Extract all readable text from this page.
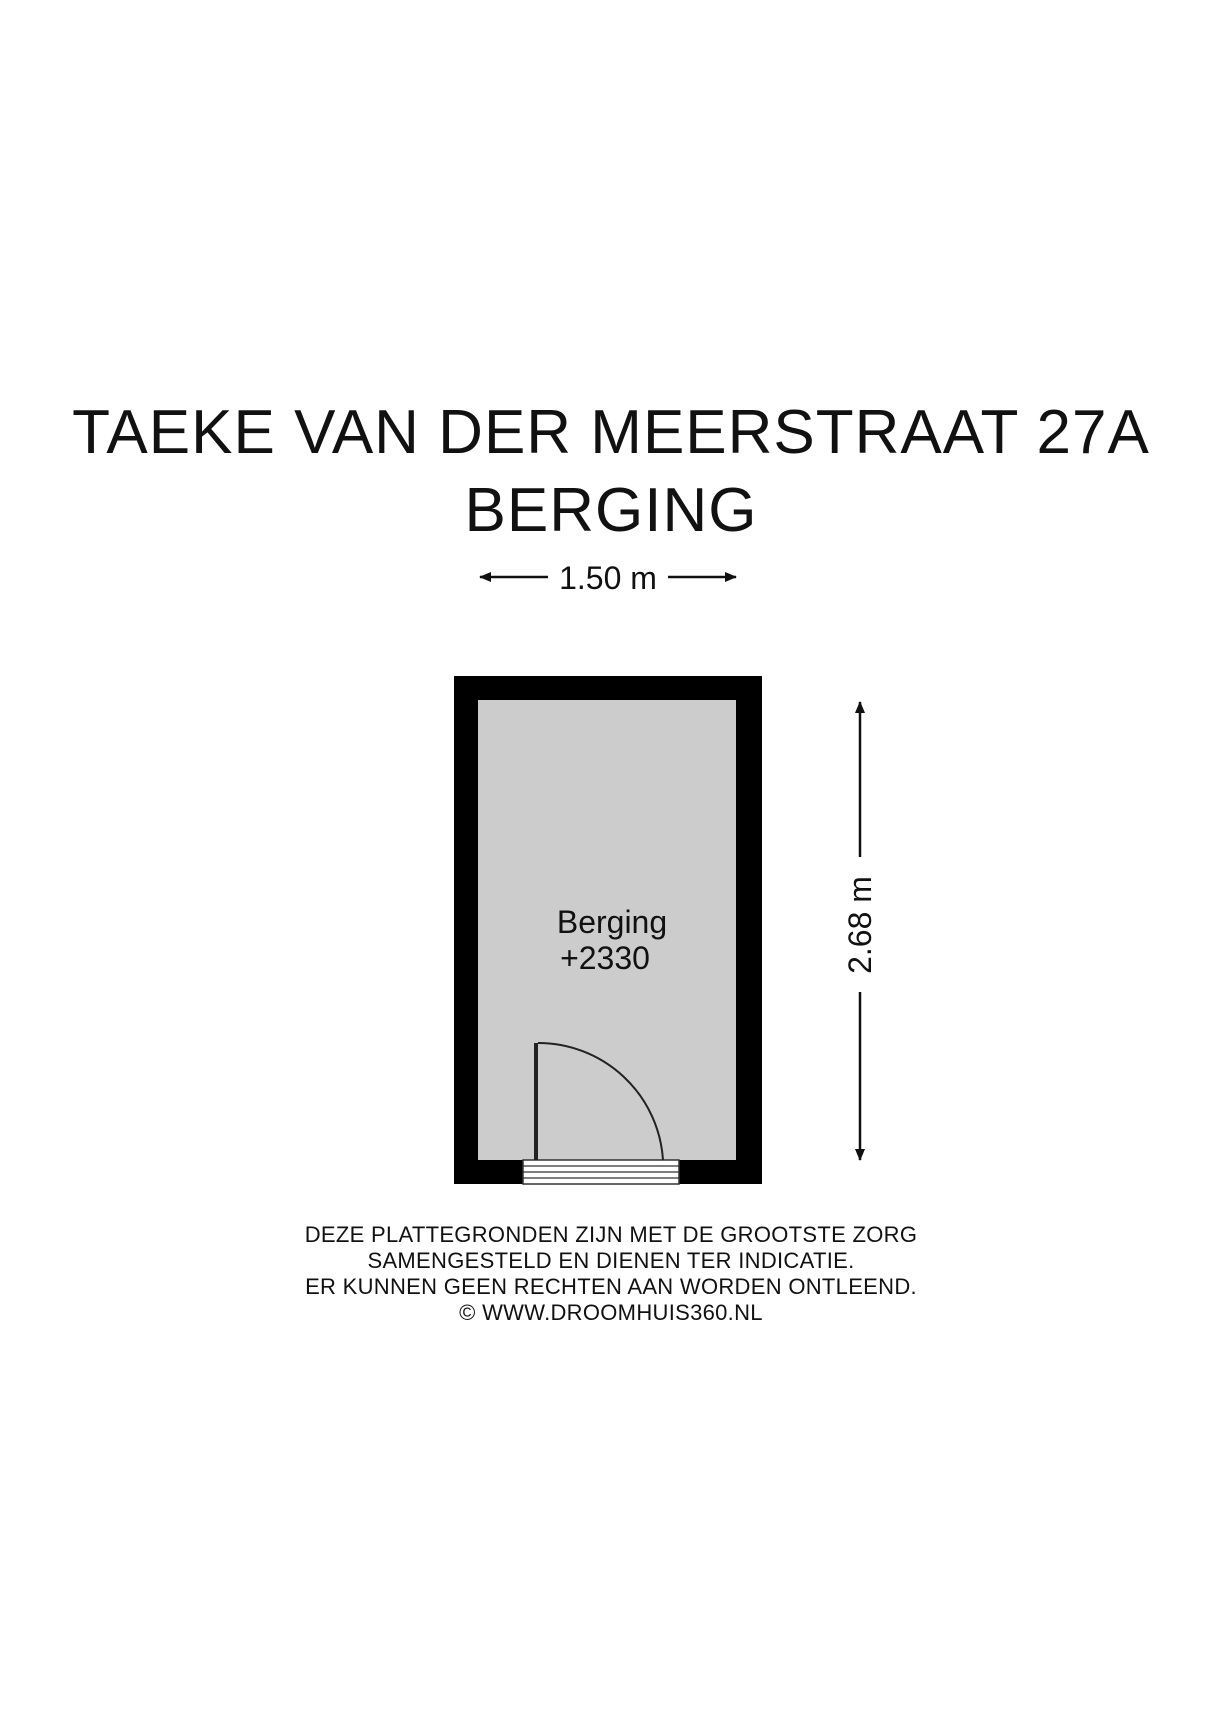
TAEKE VAN DER MEERSTRAAT 27A
BERGING
1.50 m
Berging
+2330	2.68 m
DEZE PLATTEGRONDEN ZIJN MET DE GROOTSTE ZORG
SAMENGESTELD EN DIENEN TER INDICATIE.
ER KUNNEN GEEN RECHTEN AAN WORDEN ONTLEEND.
© WWW.DROOMHUIS360.NL
